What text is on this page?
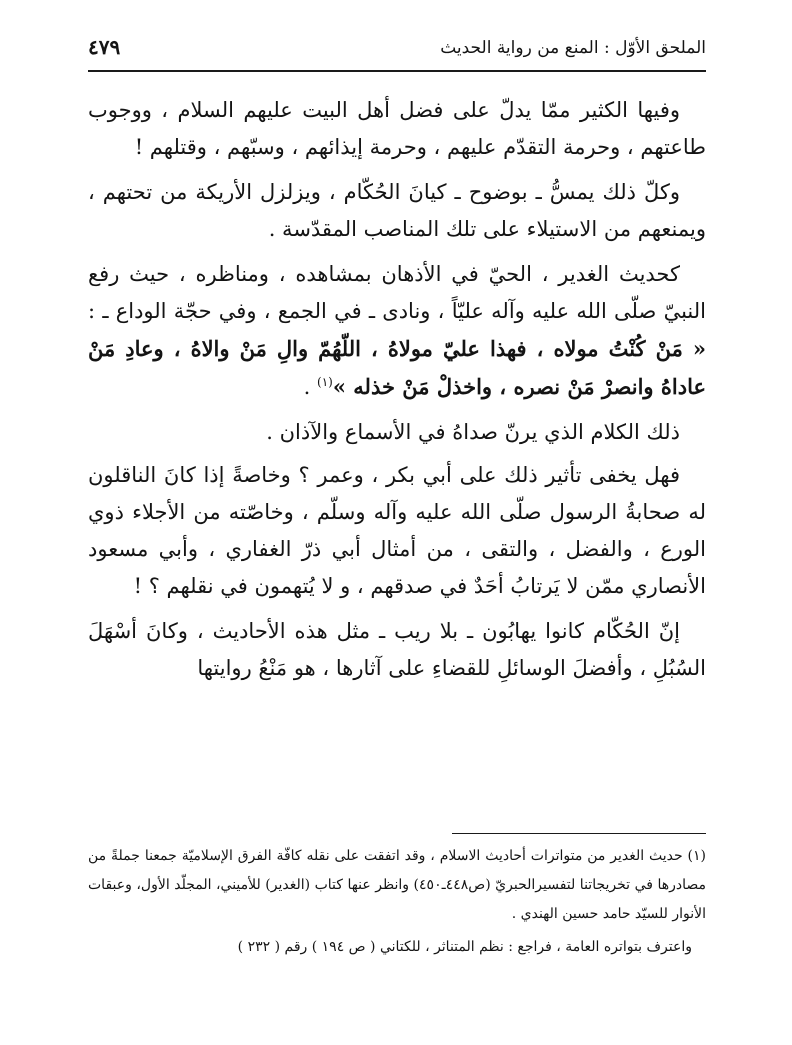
الملحق الأوّل : المنع من رواية الحديث
٤٧٩

وفيها الكثير ممّا يدلّ على فضل أهل البيت عليهم السلام ، ووجوب طاعتهم ، وحرمة التقدّم عليهم ، وحرمة إيذائهم ، وسبّهم ، وقتلهم !

وكلّ ذلك يمسُّ ـ بوضوح ـ كيانَ الحُكّام ، ويزلزل الأريكة من تحتهم ، ويمنعهم من الاستيلاء على تلك المناصب المقدّسة .

كحديث الغدير ، الحيّ في الأذهان بمشاهده ، ومناظره ، حيث رفع النبيّ صلّى الله عليه وآله عليّاً ، ونادى ـ في الجمع ، وفي حجّة الوداع ـ : « مَنْ كُنْتُ مولاه ، فهذا عليّ مولاهُ ، اللّهُمّ والِ مَنْ والاهُ ، وعادِ مَنْ عاداهُ وانصرْ مَنْ نصره ، واخذلْ مَنْ خذله »$^{(١)}$ .

ذلك الكلام الذي يرنّ صداهُ في الأسماع والآذان .

فهل يخفى تأثير ذلك على أبي بكر ، وعمر ؟ وخاصةً إذا كانَ الناقلون له صحابةُ الرسول صلّى الله عليه وآله وسلّم ، وخاصّته من الأجلاء ذوي الورع ، والفضل ، والتقى ، من أمثال أبي ذرّ الغفاري ، وأبي مسعود الأنصاري ممّن لا يَرتابُ أحَدٌ في صدقهم ، و لا يُتهمون في نقلهم ؟ !

إنّ الحُكّام كانوا يهابُون ـ بلا ريب ـ مثل هذه الأحاديث ، وكانَ أسْهَلَ السُبُلِ ، وأفضلَ الوسائلِ للقضاءِ على آثارها ، هو مَنْعُ روايتها

(١) حديث الغدير من متواترات أحاديث الاسلام ، وقد اتفقت على نقله كافّة الفرق الإسلاميّة جمعنا جملةً من مصادرها في تخريجاتنا لتفسيرالحبريّ (ص٤٤٨ـ٤٥٠) وانظر عنها كتاب (الغدير) للأميني، المجلّد الأول، وعبقات الأنوار للسيّد حامد حسين الهندي .

واعترف بتواتره العامة ، فراجع : نظم المتناثر ، للكتاني ( ص ١٩٤ ) رقم ( ٢٣٢ )
